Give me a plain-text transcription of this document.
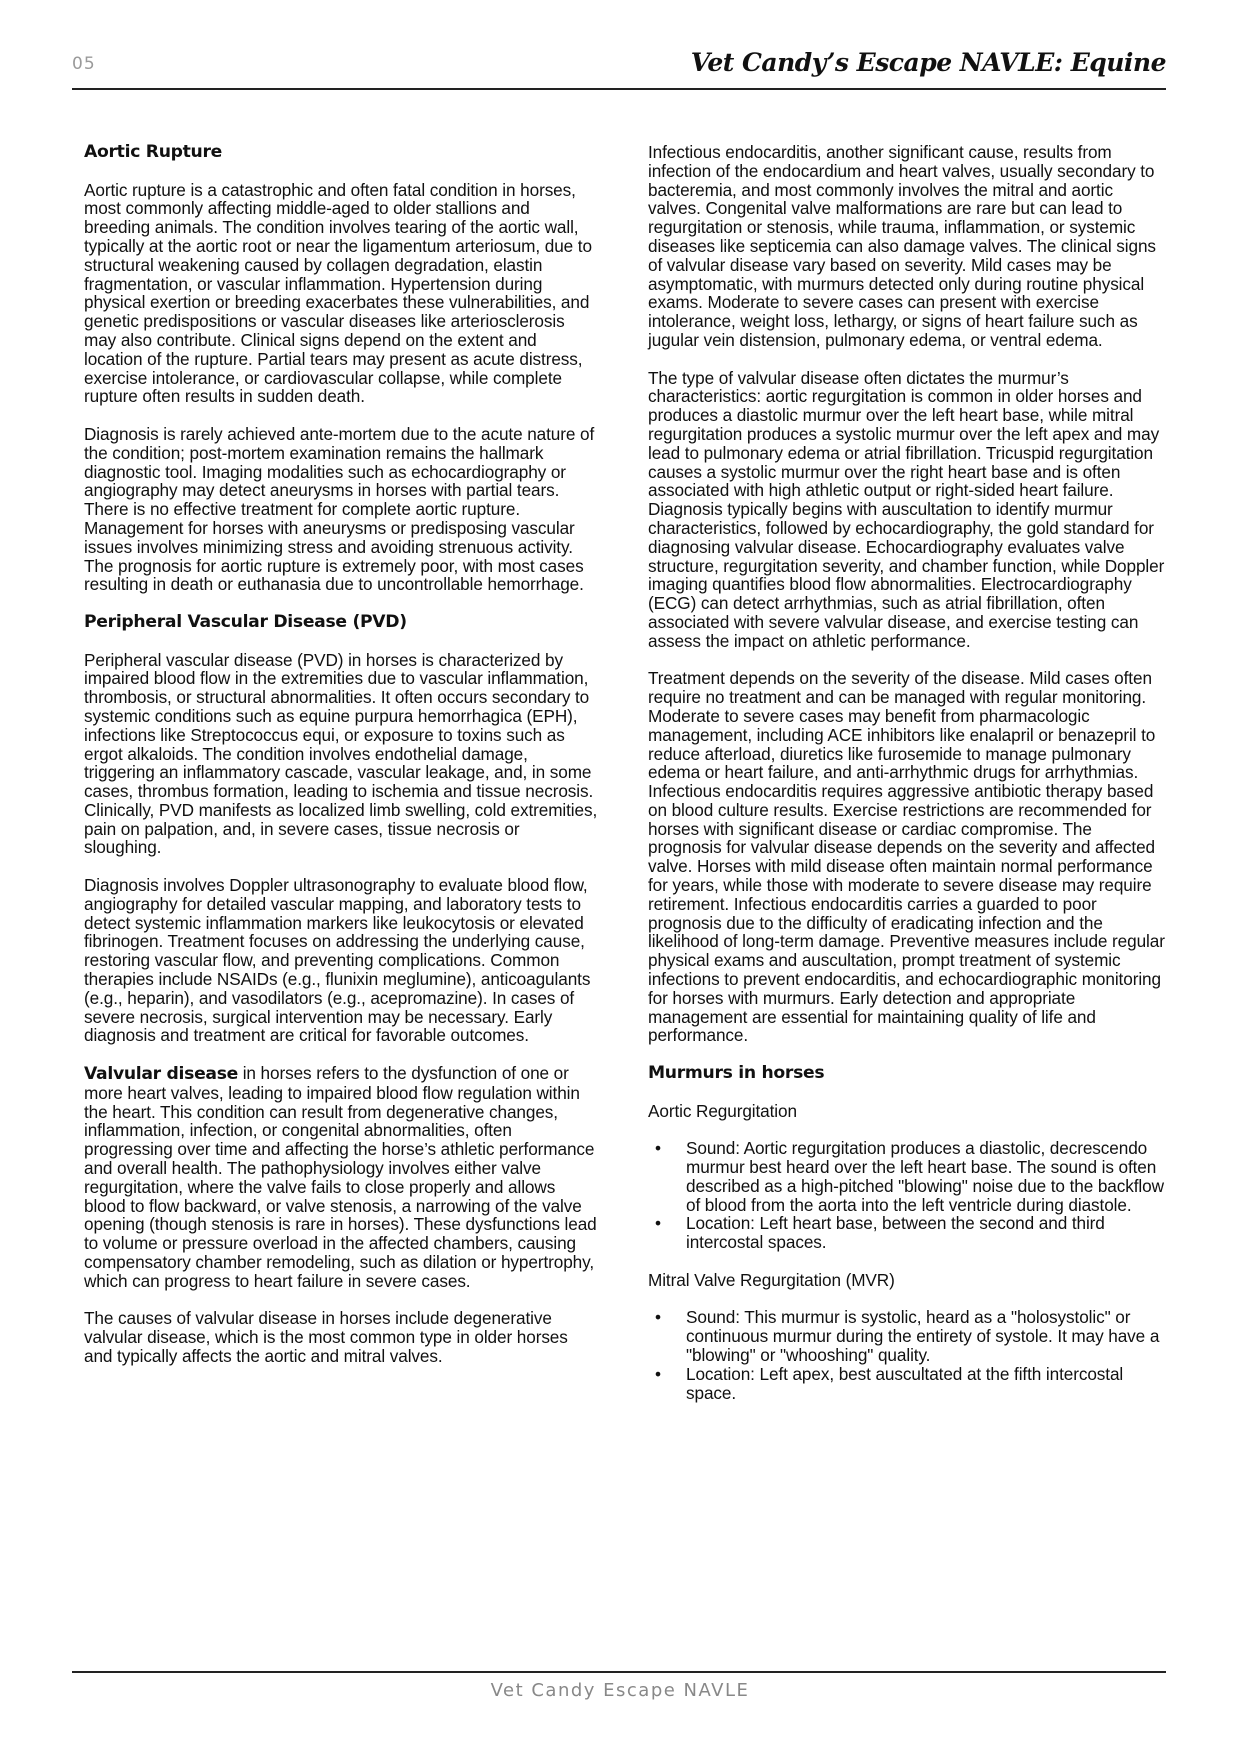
05	Vet Candy’s Escape NAVLE: Equine
Aortic Rupture

Aortic rupture is a catastrophic and often fatal condition in horses, most commonly affecting middle-aged to older stallions and breeding animals. The condition involves tearing of the aortic wall, typically at the aortic root or near the ligamentum arteriosum, due to structural weakening caused by collagen degradation, elastin fragmentation, or vascular inflammation. Hypertension during physical exertion or breeding exacerbates these vulnerabilities, and genetic predispositions or vascular diseases like arteriosclerosis may also contribute. Clinical signs depend on the extent and location of the rupture. Partial tears may present as acute distress, exercise intolerance, or cardiovascular collapse, while complete rupture often results in sudden death.

Diagnosis is rarely achieved ante-mortem due to the acute nature of the condition; post-mortem examination remains the hallmark diagnostic tool. Imaging modalities such as echocardiography or angiography may detect aneurysms in horses with partial tears. There is no effective treatment for complete aortic rupture. Management for horses with aneurysms or predisposing vascular issues involves minimizing stress and avoiding strenuous activity. The prognosis for aortic rupture is extremely poor, with most cases resulting in death or euthanasia due to uncontrollable hemorrhage.

Peripheral Vascular Disease (PVD)

Peripheral vascular disease (PVD) in horses is characterized by impaired blood flow in the extremities due to vascular inflammation, thrombosis, or structural abnormalities. It often occurs secondary to systemic conditions such as equine purpura hemorrhagica (EPH), infections like Streptococcus equi, or exposure to toxins such as ergot alkaloids. The condition involves endothelial damage, triggering an inflammatory cascade, vascular leakage, and, in some cases, thrombus formation, leading to ischemia and tissue necrosis. Clinically, PVD manifests as localized limb swelling, cold extremities, pain on palpation, and, in severe cases, tissue necrosis or sloughing.

Diagnosis involves Doppler ultrasonography to evaluate blood flow, angiography for detailed vascular mapping, and laboratory tests to detect systemic inflammation markers like leukocytosis or elevated fibrinogen. Treatment focuses on addressing the underlying cause, restoring vascular flow, and preventing complications. Common therapies include NSAIDs (e.g., flunixin meglumine), anticoagulants (e.g., heparin), and vasodilators (e.g., acepromazine). In cases of severe necrosis, surgical intervention may be necessary. Early diagnosis and treatment are critical for favorable outcomes.

Valvular disease in horses refers to the dysfunction of one or more heart valves, leading to impaired blood flow regulation within the heart. This condition can result from degenerative changes, inflammation, infection, or congenital abnormalities, often progressing over time and affecting the horse’s athletic performance and overall health. The pathophysiology involves either valve regurgitation, where the valve fails to close properly and allows blood to flow backward, or valve stenosis, a narrowing of the valve opening (though stenosis is rare in horses). These dysfunctions lead to volume or pressure overload in the affected chambers, causing compensatory chamber remodeling, such as dilation or hypertrophy, which can progress to heart failure in severe cases.

The causes of valvular disease in horses include degenerative valvular disease, which is the most common type in older horses and typically affects the aortic and mitral valves.

Infectious endocarditis, another significant cause, results from infection of the endocardium and heart valves, usually secondary to bacteremia, and most commonly involves the mitral and aortic valves. Congenital valve malformations are rare but can lead to regurgitation or stenosis, while trauma, inflammation, or systemic diseases like septicemia can also damage valves. The clinical signs of valvular disease vary based on severity. Mild cases may be asymptomatic, with murmurs detected only during routine physical exams. Moderate to severe cases can present with exercise intolerance, weight loss, lethargy, or signs of heart failure such as jugular vein distension, pulmonary edema, or ventral edema.

The type of valvular disease often dictates the murmur’s characteristics: aortic regurgitation is common in older horses and produces a diastolic murmur over the left heart base, while mitral regurgitation produces a systolic murmur over the left apex and may lead to pulmonary edema or atrial fibrillation. Tricuspid regurgitation causes a systolic murmur over the right heart base and is often associated with high athletic output or right-sided heart failure. Diagnosis typically begins with auscultation to identify murmur characteristics, followed by echocardiography, the gold standard for diagnosing valvular disease. Echocardiography evaluates valve structure, regurgitation severity, and chamber function, while Doppler imaging quantifies blood flow abnormalities. Electrocardiography (ECG) can detect arrhythmias, such as atrial fibrillation, often associated with severe valvular disease, and exercise testing can assess the impact on athletic performance.

Treatment depends on the severity of the disease. Mild cases often require no treatment and can be managed with regular monitoring. Moderate to severe cases may benefit from pharmacologic management, including ACE inhibitors like enalapril or benazepril to reduce afterload, diuretics like furosemide to manage pulmonary edema or heart failure, and anti-arrhythmic drugs for arrhythmias. Infectious endocarditis requires aggressive antibiotic therapy based on blood culture results. Exercise restrictions are recommended for horses with significant disease or cardiac compromise. The prognosis for valvular disease depends on the severity and affected valve. Horses with mild disease often maintain normal performance for years, while those with moderate to severe disease may require retirement. Infectious endocarditis carries a guarded to poor prognosis due to the difficulty of eradicating infection and the likelihood of long-term damage. Preventive measures include regular physical exams and auscultation, prompt treatment of systemic infections to prevent endocarditis, and echocardiographic monitoring for horses with murmurs. Early detection and appropriate management are essential for maintaining quality of life and performance.

Murmurs in horses

Aortic Regurgitation

•	Sound: Aortic regurgitation produces a diastolic, decrescendo murmur best heard over the left heart base. The sound is often described as a high-pitched "blowing" noise due to the backflow of blood from the aorta into the left ventricle during diastole.
•	Location: Left heart base, between the second and third intercostal spaces.

Mitral Valve Regurgitation (MVR)

•	Sound: This murmur is systolic, heard as a "holosystolic" or continuous murmur during the entirety of systole. It may have a "blowing" or "whooshing" quality.
•	Location: Left apex, best auscultated at the fifth intercostal space.
Vet Candy Escape NAVLE
